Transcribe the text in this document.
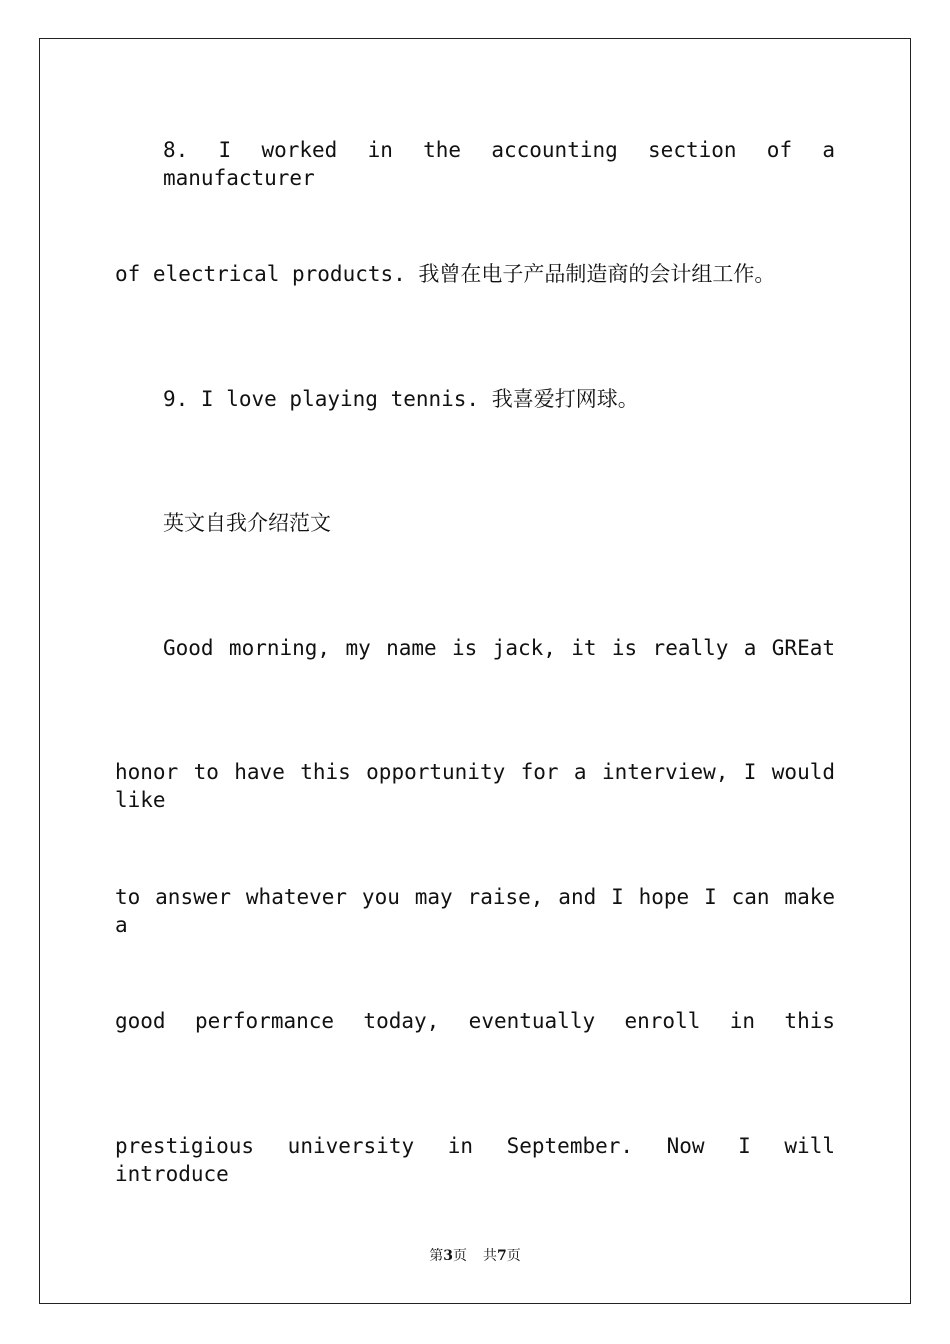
8. I worked in the accounting section of a manufacturer
of electrical products. 我曾在电子产品制造商的会计组工作。
9. I love playing tennis. 我喜爱打网球。
英文自我介绍范文
Good morning, my name is jack, it is really a GREat
honor to have this opportunity for a interview, I would like
to answer whatever you may raise, and I hope I can make a
good performance today, eventually enroll in this
prestigious university in September. Now I will introduce
第3页 共7页
